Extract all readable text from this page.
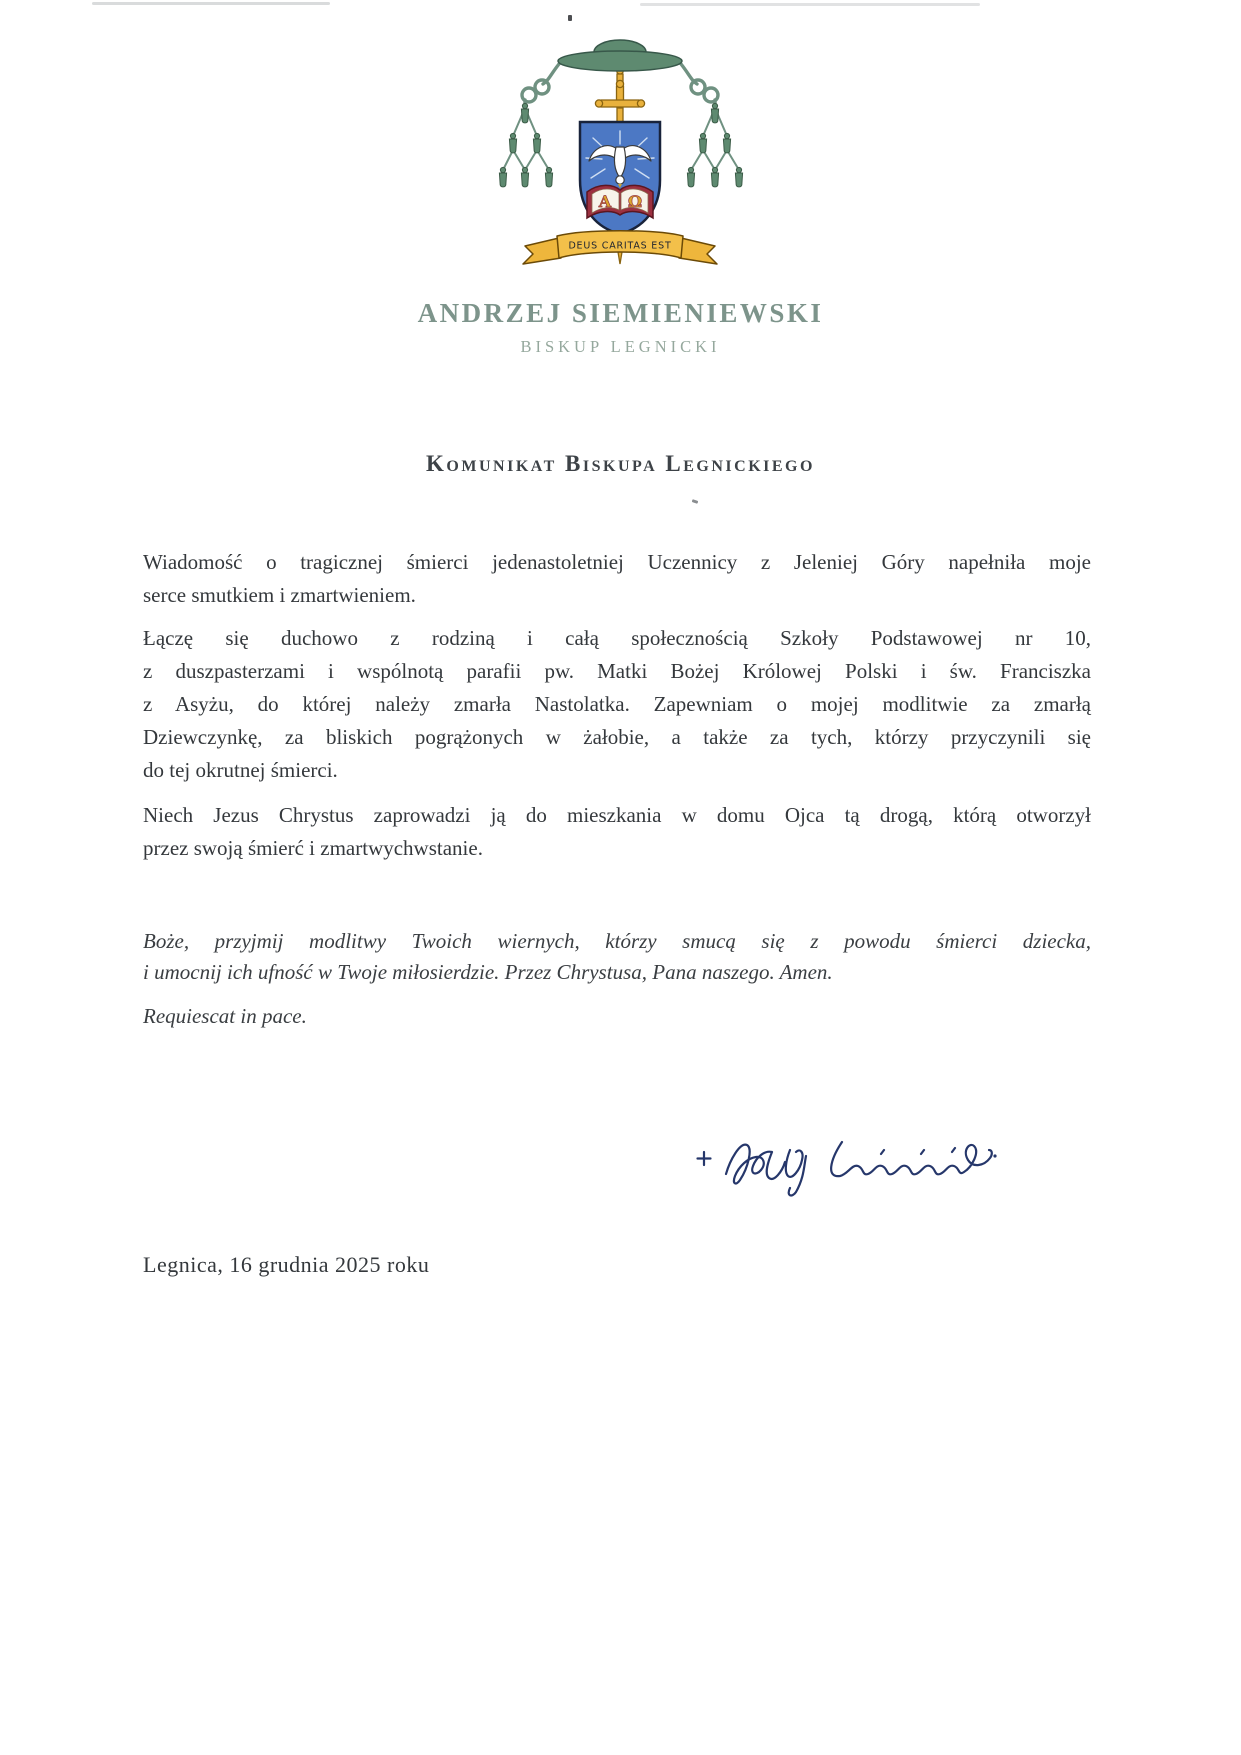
Α Ω
DEUS CARITAS EST
ANDRZEJ SIEMIENIEWSKI
BISKUP LEGNICKI
Komunikat Biskupa Legnickiego
Wiadomość o tragicznej śmierci jedenastoletniej Uczennicy z Jeleniej Góry napełniła moje
serce smutkiem i zmartwieniem.
Łączę się duchowo z rodziną i całą społecznością Szkoły Podstawowej nr 10,
z duszpasterzami i wspólnotą parafii pw. Matki Bożej Królowej Polski i św. Franciszka
z Asyżu, do której należy zmarła Nastolatka. Zapewniam o mojej modlitwie za zmarłą
Dziewczynkę, za bliskich pogrążonych w żałobie, a także za tych, którzy przyczynili się
do tej okrutnej śmierci.
Niech Jezus Chrystus zaprowadzi ją do mieszkania w domu Ojca tą drogą, którą otworzył
przez swoją śmierć i zmartwychwstanie.
Boże, przyjmij modlitwy Twoich wiernych, którzy smucą się z powodu śmierci dziecka,
i umocnij ich ufność w Twoje miłosierdzie. Przez Chrystusa, Pana naszego. Amen.
Requiescat in pace.
Legnica, 16 grudnia 2025 roku
